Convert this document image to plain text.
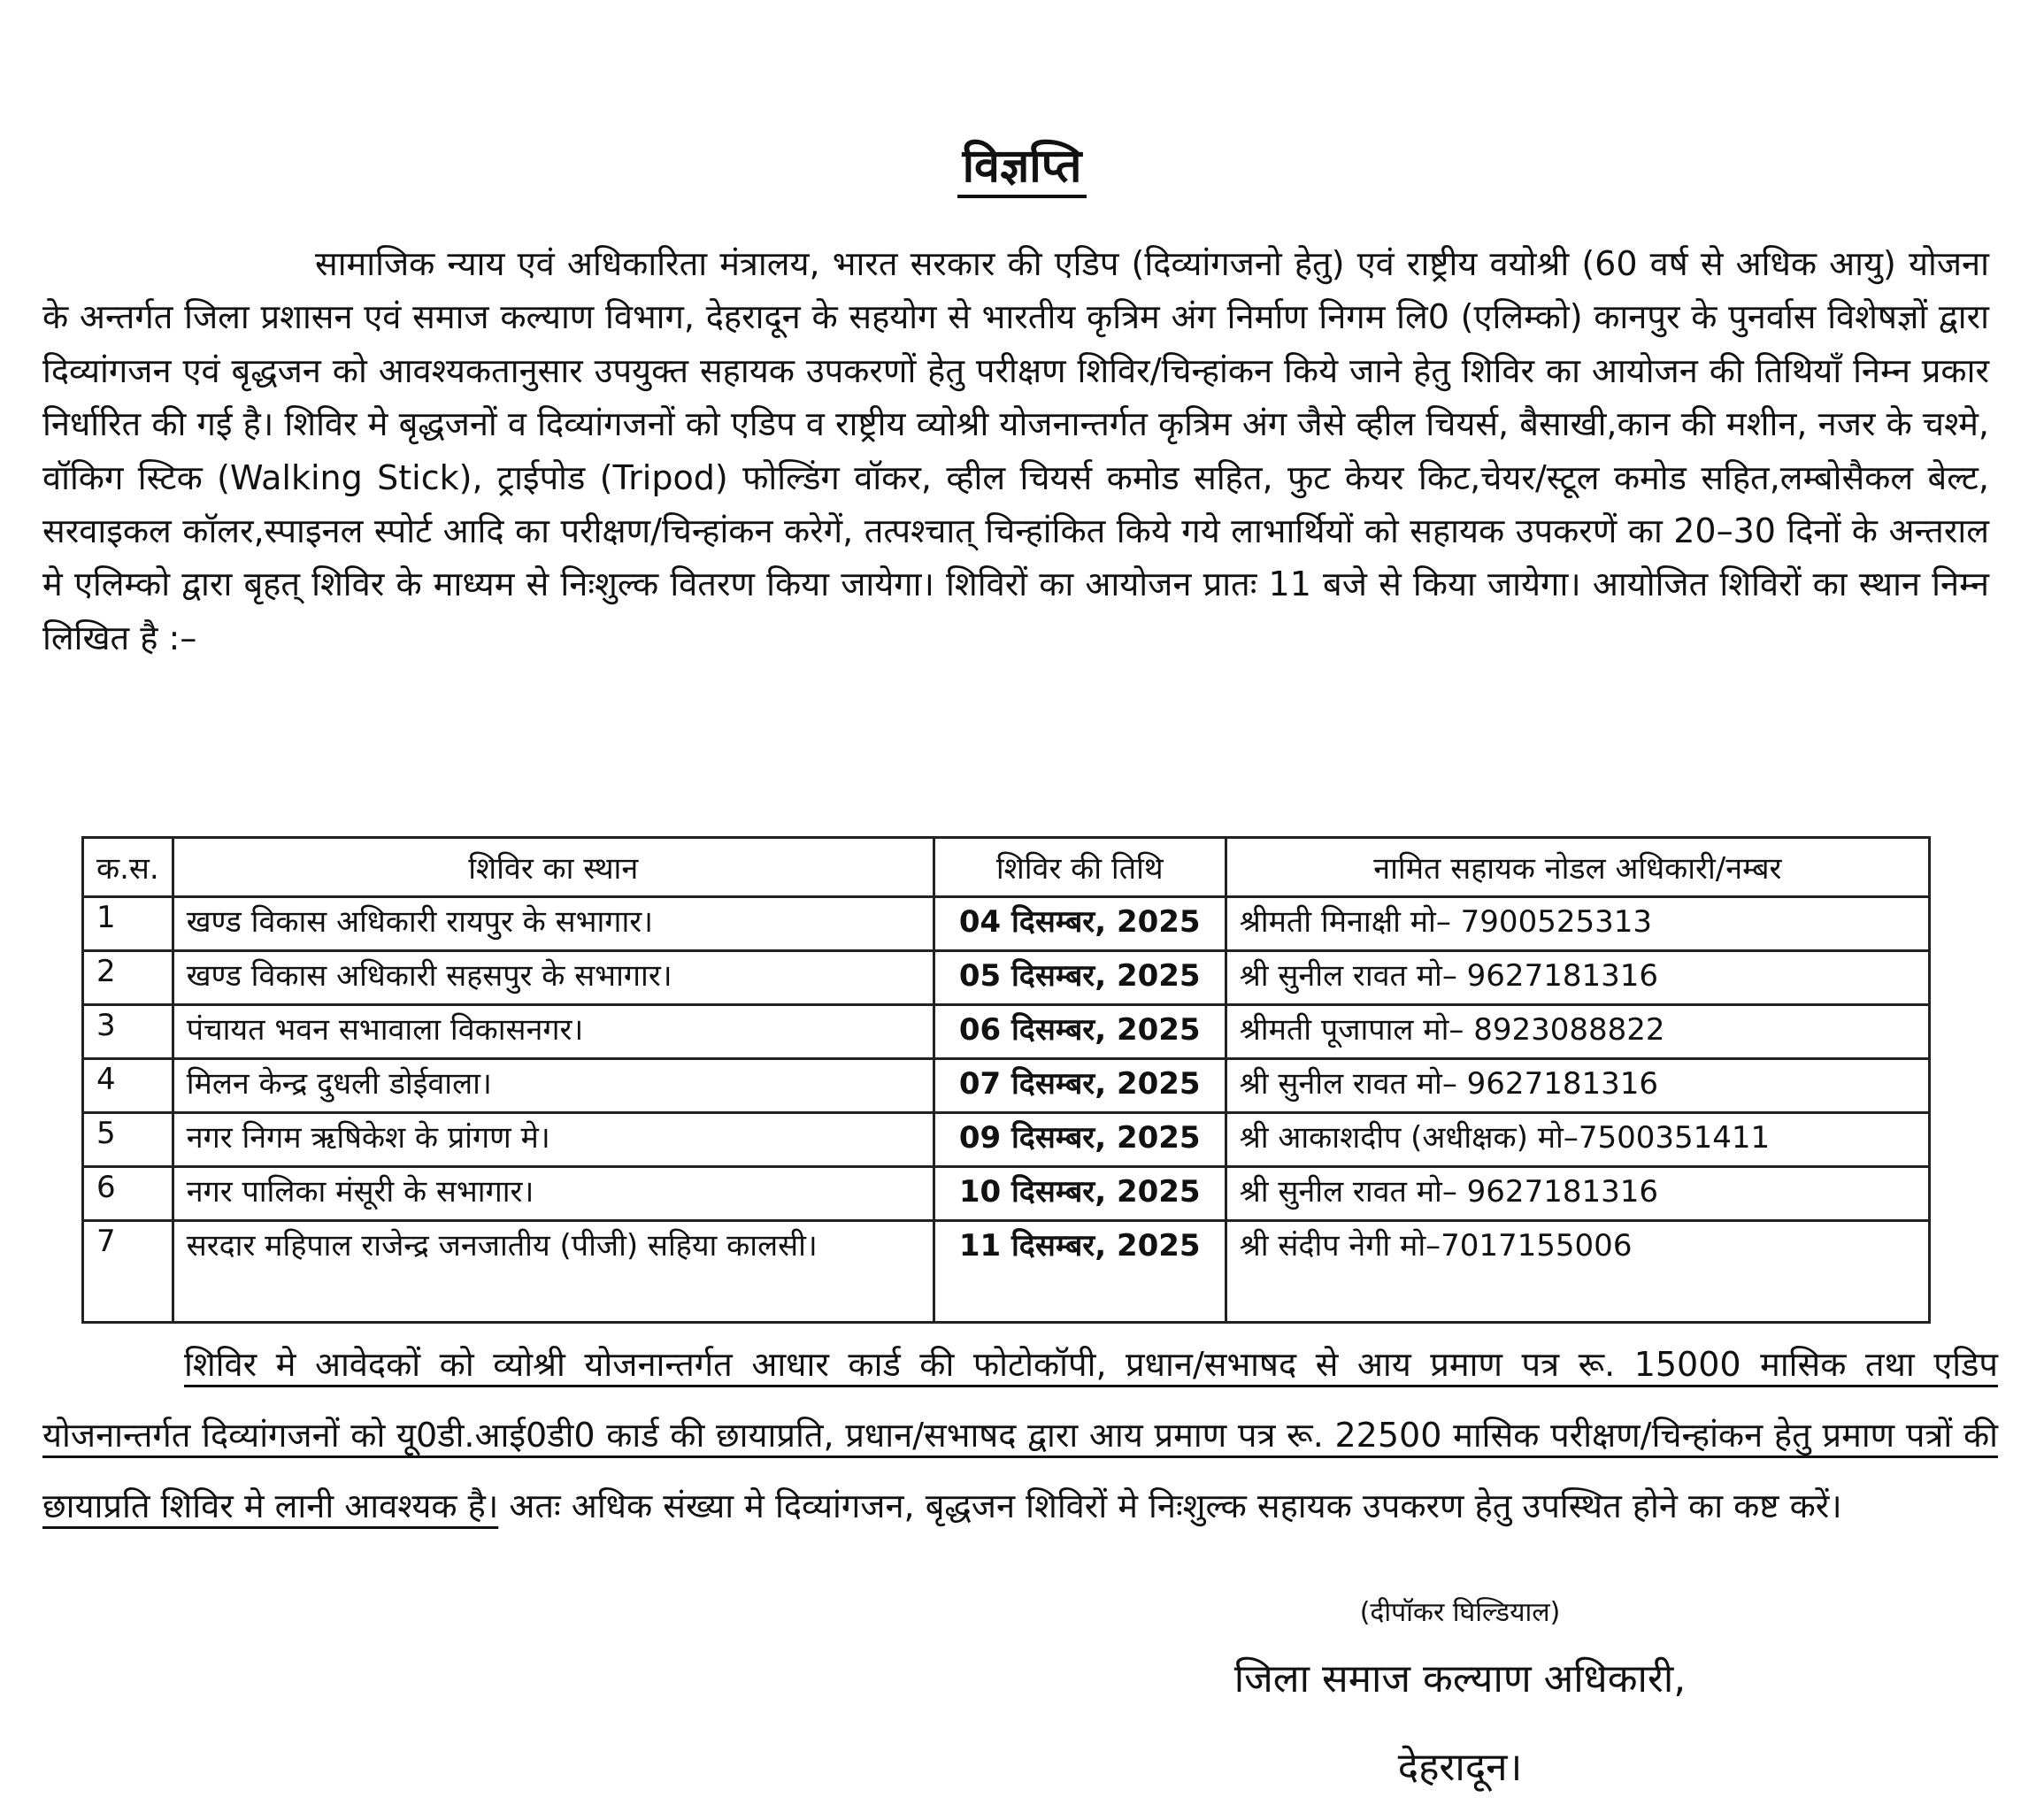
विज्ञप्ति

सामाजिक न्याय एवं अधिकारिता मंत्रालय, भारत सरकार की एडिप (दिव्यांगजनो हेतु) एवं राष्ट्रीय वयोश्री (60 वर्ष से अधिक आयु) योजना के अन्तर्गत जिला प्रशासन एवं समाज कल्याण विभाग, देहरादून के सहयोग से भारतीय कृत्रिम अंग निर्माण निगम लि0 (एलिम्को) कानपुर के पुनर्वास विशेषज्ञों द्वारा दिव्यांगजन एवं बृद्धजन को आवश्यकतानुसार उपयुक्त सहायक उपकरणों हेतु परीक्षण शिविर/चिन्हांकन किये जाने हेतु शिविर का आयोजन की तिथियाँ निम्न प्रकार निर्धारित की गई है। शिविर मे बृद्धजनों व दिव्यांगजनों को एडिप व राष्ट्रीय व्योश्री योजनान्तर्गत कृत्रिम अंग जैसे व्हील चियर्स, बैसाखी,कान की मशीन, नजर के चश्मे, वॉकिग स्टिक (Walking Stick), ट्राईपोड (Tripod) फोल्डिंग वॉकर, व्हील चियर्स कमोड सहित, फुट केयर किट,चेयर/स्टूल कमोड सहित,लम्बोसैकल बेल्ट, सरवाइकल कॉलर,स्पाइनल स्पोर्ट आदि का परीक्षण/चिन्हांकन करेगें, तत्पश्चात् चिन्हांकित किये गये लाभार्थियों को सहायक उपकरणें का 20–30 दिनों के अन्तराल मे एलिम्को द्वारा बृहत् शिविर के माध्यम से निःशुल्क वितरण किया जायेगा। शिविरों का आयोजन प्रातः 11 बजे से किया जायेगा। आयोजित शिविरों का स्थान निम्न लिखित है :–

क.स.	शिविर का स्थान	शिविर की तिथि	नामित सहायक नोडल अधिकारी/नम्बर
1	खण्ड विकास अधिकारी रायपुर के सभागार।	04 दिसम्बर, 2025	श्रीमती मिनाक्षी मो– 7900525313
2	खण्ड विकास अधिकारी सहसपुर के सभागार।	05 दिसम्बर, 2025	श्री सुनील रावत मो– 9627181316
3	पंचायत भवन सभावाला विकासनगर।	06 दिसम्बर, 2025	श्रीमती पूजापाल मो– 8923088822
4	मिलन केन्द्र दुधली डोईवाला।	07 दिसम्बर, 2025	श्री सुनील रावत मो– 9627181316
5	नगर निगम ऋषिकेश के प्रांगण मे।	09 दिसम्बर, 2025	श्री आकाशदीप (अधीक्षक) मो–7500351411
6	नगर पालिका मंसूरी के सभागार।	10 दिसम्बर, 2025	श्री सुनील रावत मो– 9627181316
7	सरदार महिपाल राजेन्द्र जनजातीय (पीजी) सहिया कालसी।	11 दिसम्बर, 2025	श्री संदीप नेगी मो–7017155006

शिविर मे आवेदकों को व्योश्री योजनान्तर्गत आधार कार्ड की फोटोकॉपी, प्रधान/सभाषद से आय प्रमाण पत्र रू. 15000 मासिक तथा एडिप योजनान्तर्गत दिव्यांगजनों को यू0डी.आई0डी0 कार्ड की छायाप्रति, प्रधान/सभाषद द्वारा आय प्रमाण पत्र रू. 22500 मासिक परीक्षण/चिन्हांकन हेतु प्रमाण पत्रों की छायाप्रति शिविर मे लानी आवश्यक है। अतः अधिक संख्या मे दिव्यांगजन, बृद्धजन शिविरों मे निःशुल्क सहायक उपकरण हेतु उपस्थित होने का कष्ट करें।

(दीपॉकर घिल्डियाल)
जिला समाज कल्याण अधिकारी,
देहरादून।
